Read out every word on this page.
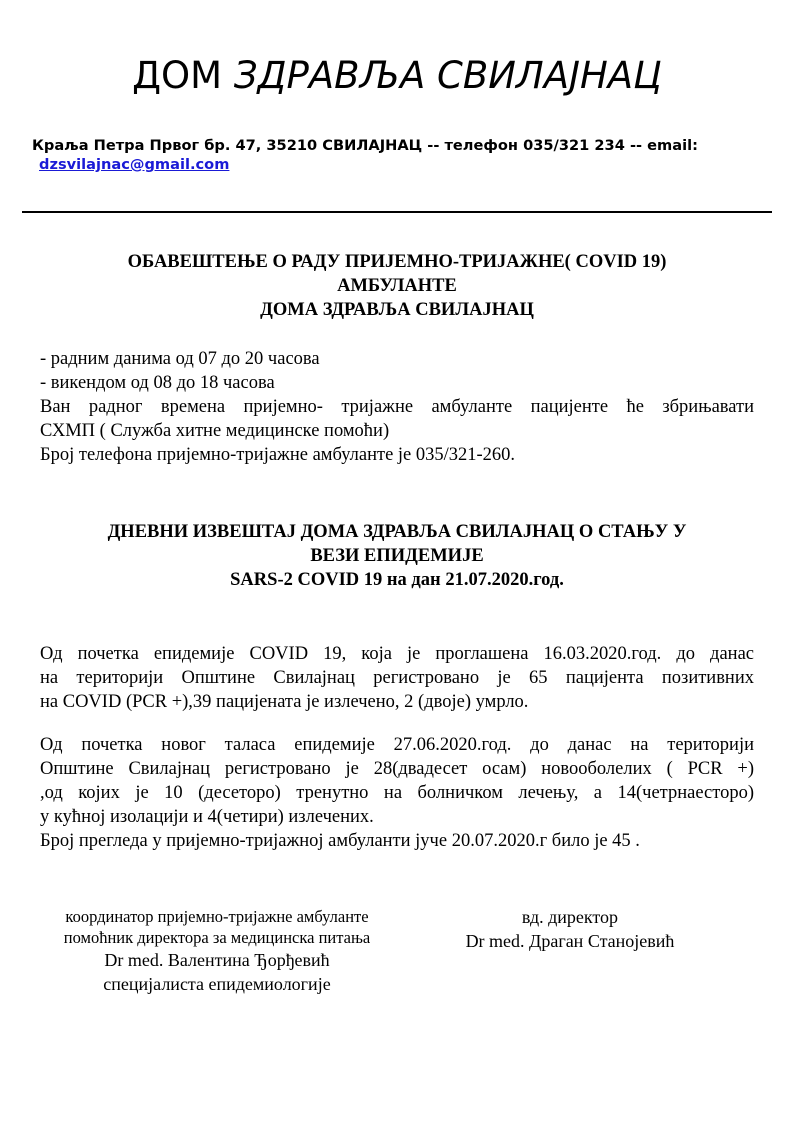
ДОМ ЗДРАВЉА СВИЛАЈНАЦ
Краља Петра Првог бр. 47, 35210 СВИЛАЈНАЦ -- телефон 035/321 234 -- email:
dzsvilajnac@gmail.com
ОБАВЕШТЕЊЕ О РАДУ ПРИЈЕМНО-ТРИЈАЖНЕ( COVID 19)
АМБУЛАНТЕ
ДОМА ЗДРАВЉА СВИЛАЈНАЦ
- радним данима од 07 до 20 часова
- викендом од 08 до 18 часова
Ван радног времена пријемно- тријажне амбуланте пацијенте ће збрињавати
СХМП ( Служба хитне медицинске помоћи)
Број телефона пријемно-тријажне амбуланте је 035/321-260.
ДНЕВНИ ИЗВЕШТАЈ ДОМА ЗДРАВЉА СВИЛАЈНАЦ О СТАЊУ У
ВЕЗИ ЕПИДЕМИЈЕ
SARS-2 COVID 19 на дан 21.07.2020.год.
Од почетка епидемије COVID 19, која је проглашена 16.03.2020.год. до данас
на територији Општине Свилајнац регистровано је 65 пацијента позитивних
на COVID (PCR +),39 пацијената је излечено, 2 (двоје) умрло.
Од почетка новог таласа епидемије 27.06.2020.год. до данас на територији
Општине Свилајнац регистровано је 28(двадесет осам) новооболелих ( PCR +)
,од којих је 10 (десеторо) тренутно на болничком лечењу, а 14(четрнаесторо)
у кућној изолацији и 4(четири) излечених.
Број прегледа у пријемно-тријажној амбуланти јуче 20.07.2020.г било је 45 .
координатор пријемно-тријажне амбуланте
помоћник директора за медицинска питања
Dr med. Валентина Ђорђевић
специјалиста епидемиологије
вд. директор
Dr med. Драган Станојевић
